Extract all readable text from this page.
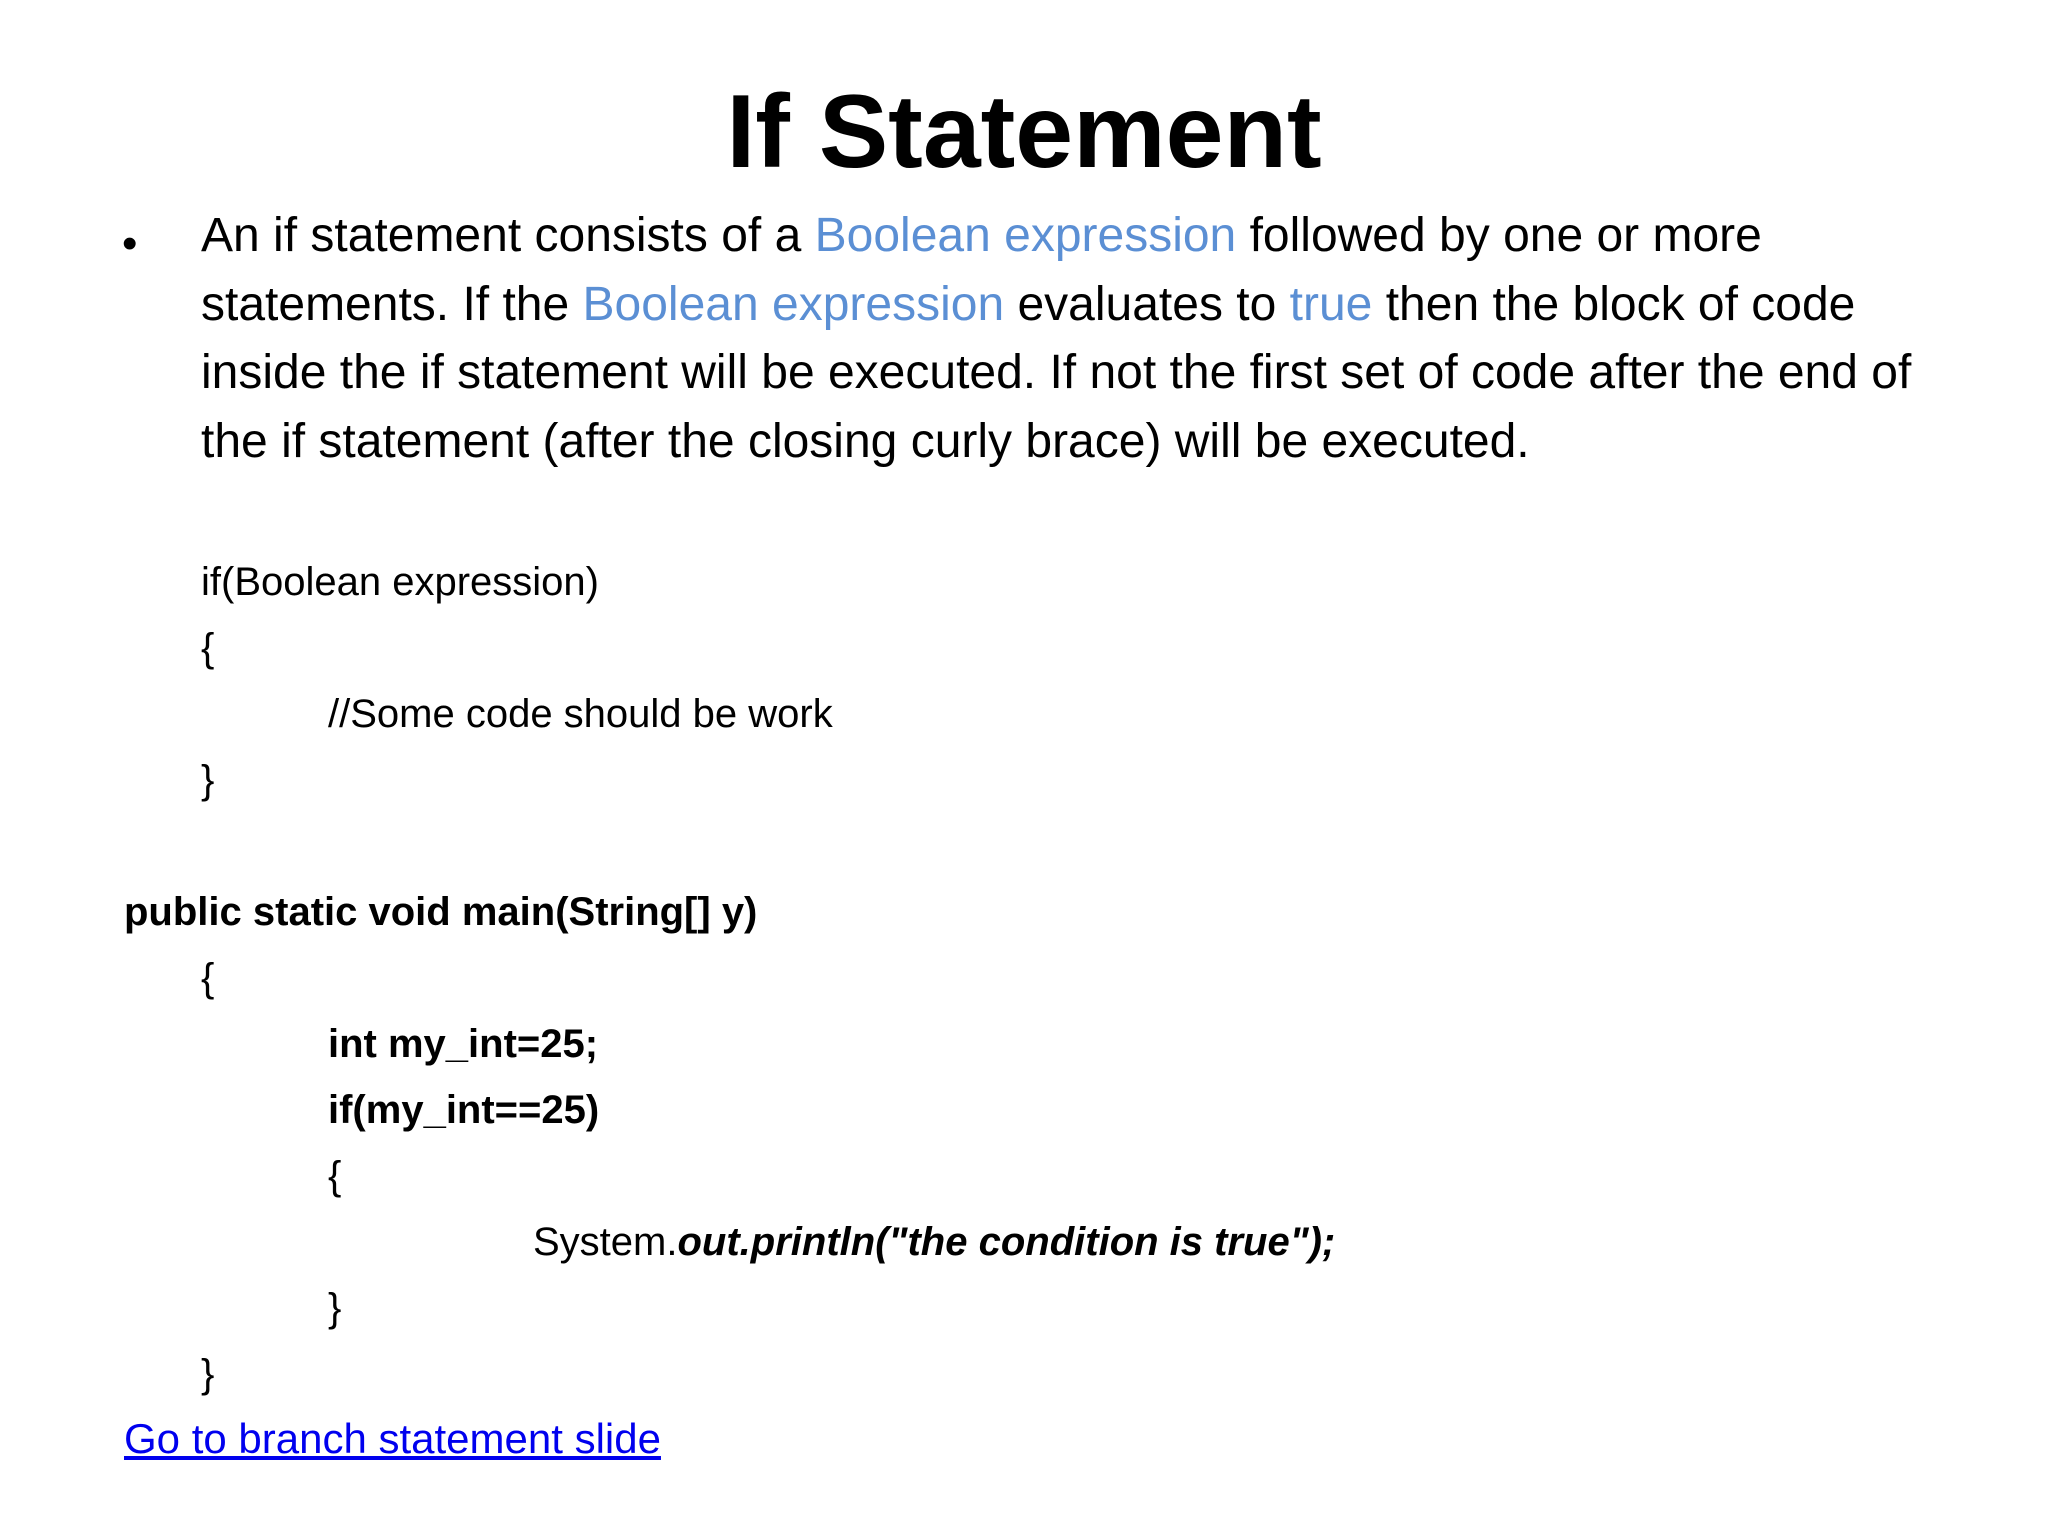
If Statement
• An if statement consists of a Boolean expression followed by one or more statements. If the Boolean expression evaluates to true then the block of code inside the if statement will be executed. If not the first set of code after the end of the if statement (after the closing curly brace) will be executed.
if(Boolean expression)
{
//Some code should be work
}
public static void main(String[] y)
{
int my_int=25;
if(my_int==25)
{
System.out.println("the condition is true");
}
}
Go to branch statement slide
